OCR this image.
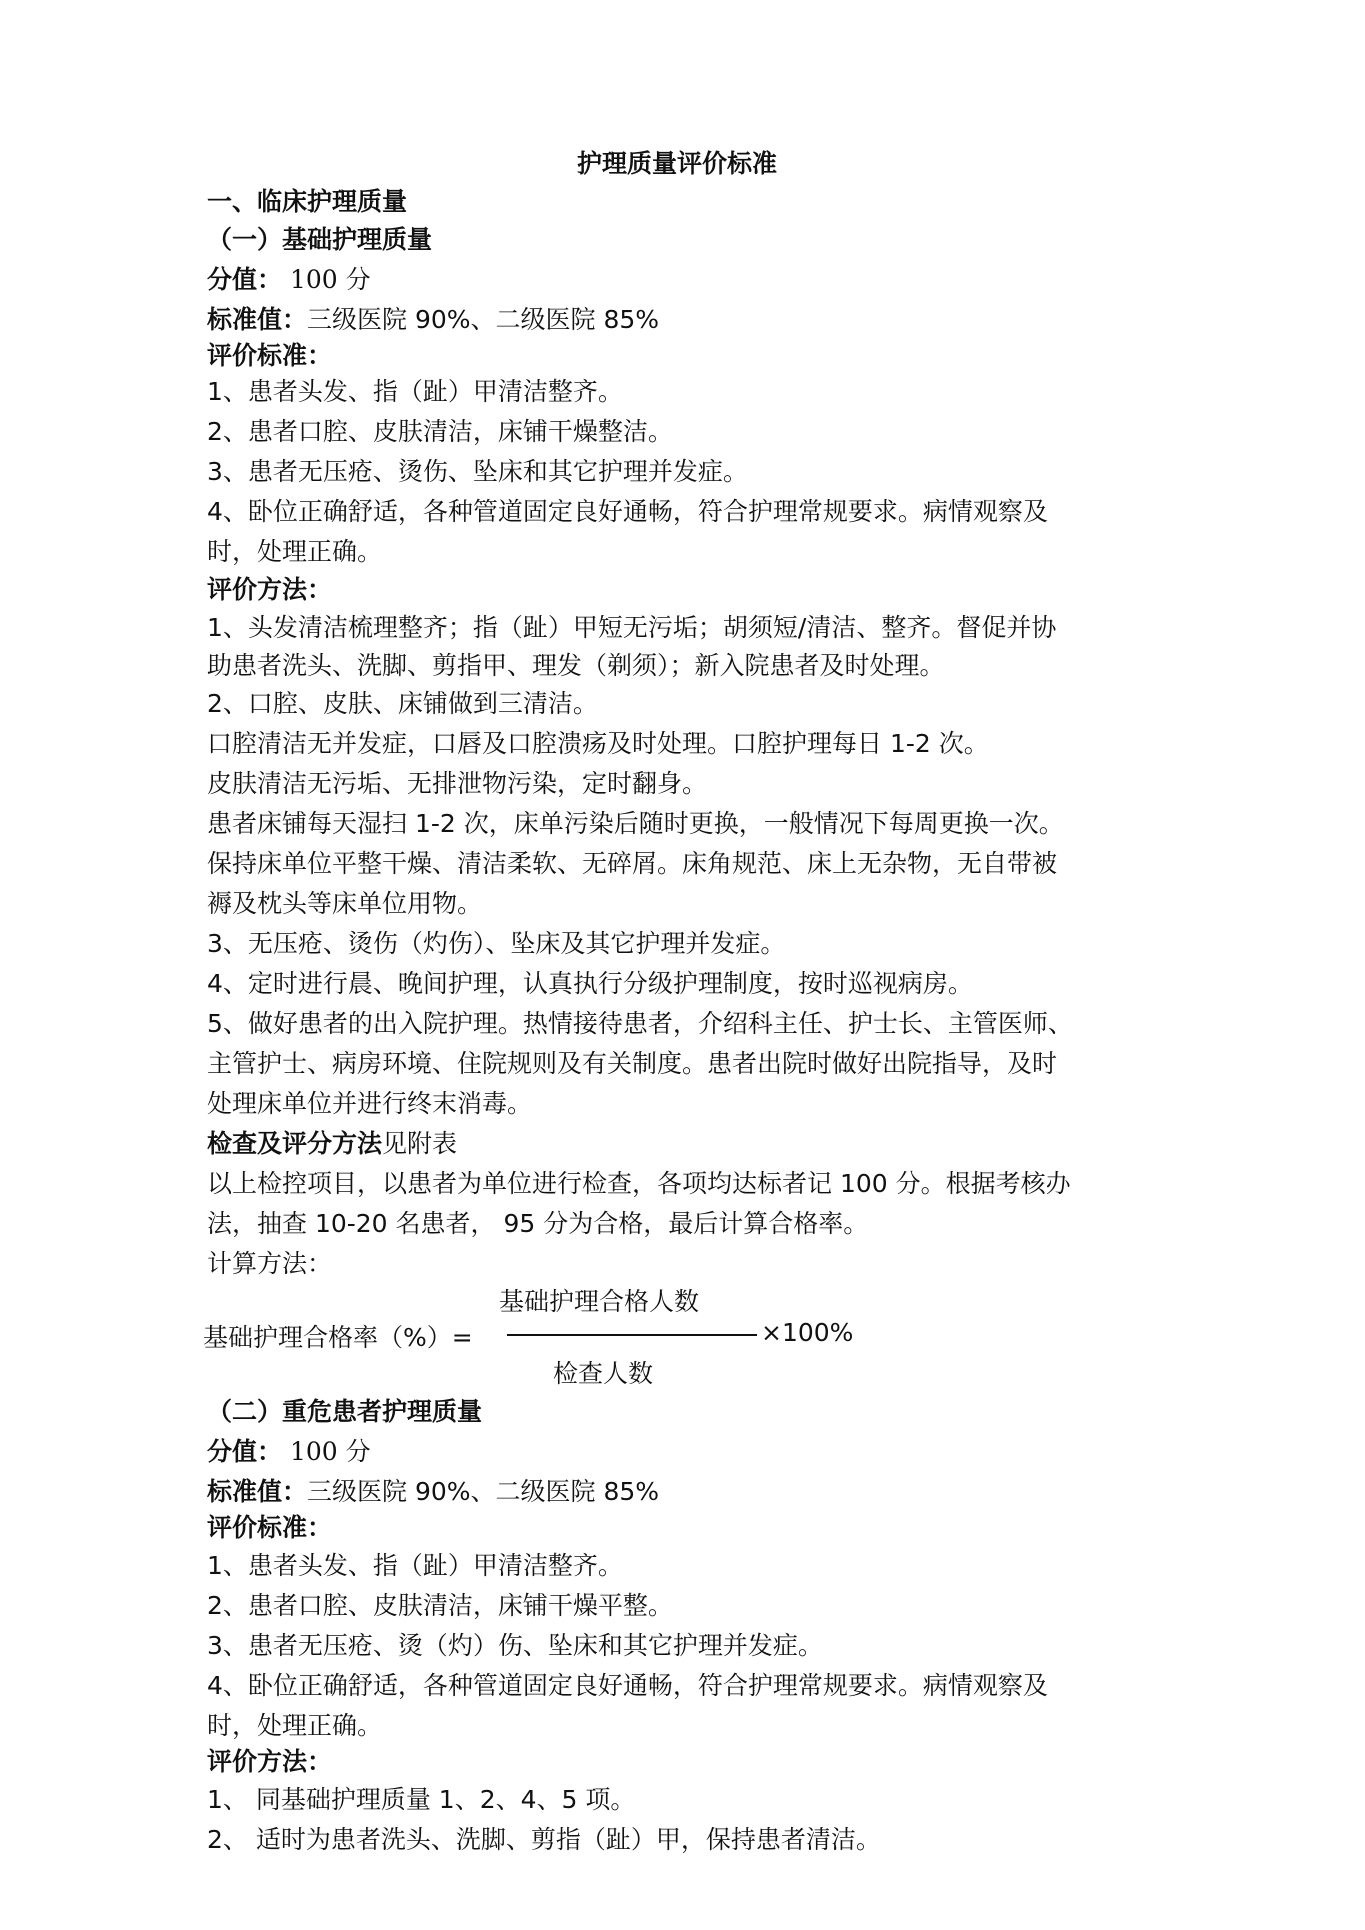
护理质量评价标准
一、临床护理质量
（一）基础护理质量
分值： 100 分
标准值：三级医院 90%、二级医院 85%
评价标准：
1、患者头发、指（趾）甲清洁整齐。
2、患者口腔、皮肤清洁，床铺干燥整洁。
3、患者无压疮、烫伤、坠床和其它护理并发症。
4、卧位正确舒适，各种管道固定良好通畅，符合护理常规要求。病情观察及
时，处理正确。
评价方法：
1、头发清洁梳理整齐；指（趾）甲短无污垢；胡须短/清洁、整齐。督促并协
助患者洗头、洗脚、剪指甲、理发（剃须）；新入院患者及时处理。
2、口腔、皮肤、床铺做到三清洁。
口腔清洁无并发症，口唇及口腔溃疡及时处理。口腔护理每日 1-2 次。
皮肤清洁无污垢、无排泄物污染，定时翻身。
患者床铺每天湿扫 1-2 次，床单污染后随时更换，一般情况下每周更换一次。
保持床单位平整干燥、清洁柔软、无碎屑。床角规范、床上无杂物，无自带被
褥及枕头等床单位用物。
3、无压疮、烫伤（灼伤）、坠床及其它护理并发症。
4、定时进行晨、晚间护理，认真执行分级护理制度，按时巡视病房。
5、做好患者的出入院护理。热情接待患者，介绍科主任、护士长、主管医师、
主管护士、病房环境、住院规则及有关制度。患者出院时做好出院指导，及时
处理床单位并进行终末消毒。
检查及评分方法见附表
以上检控项目，以患者为单位进行检查，各项均达标者记 100 分。根据考核办
法，抽查 10-20 名患者， 95 分为合格，最后计算合格率。
计算方法：
基础护理合格人数
基础护理合格率（%）=	×100%
检查人数
（二）重危患者护理质量
分值： 100 分
标准值：三级医院 90%、二级医院 85%
评价标准：
1、患者头发、指（趾）甲清洁整齐。
2、患者口腔、皮肤清洁，床铺干燥平整。
3、患者无压疮、烫（灼）伤、坠床和其它护理并发症。
4、卧位正确舒适，各种管道固定良好通畅，符合护理常规要求。病情观察及
时，处理正确。
评价方法：
1、 同基础护理质量 1、2、4、5 项。
2、 适时为患者洗头、洗脚、剪指（趾）甲，保持患者清洁。
